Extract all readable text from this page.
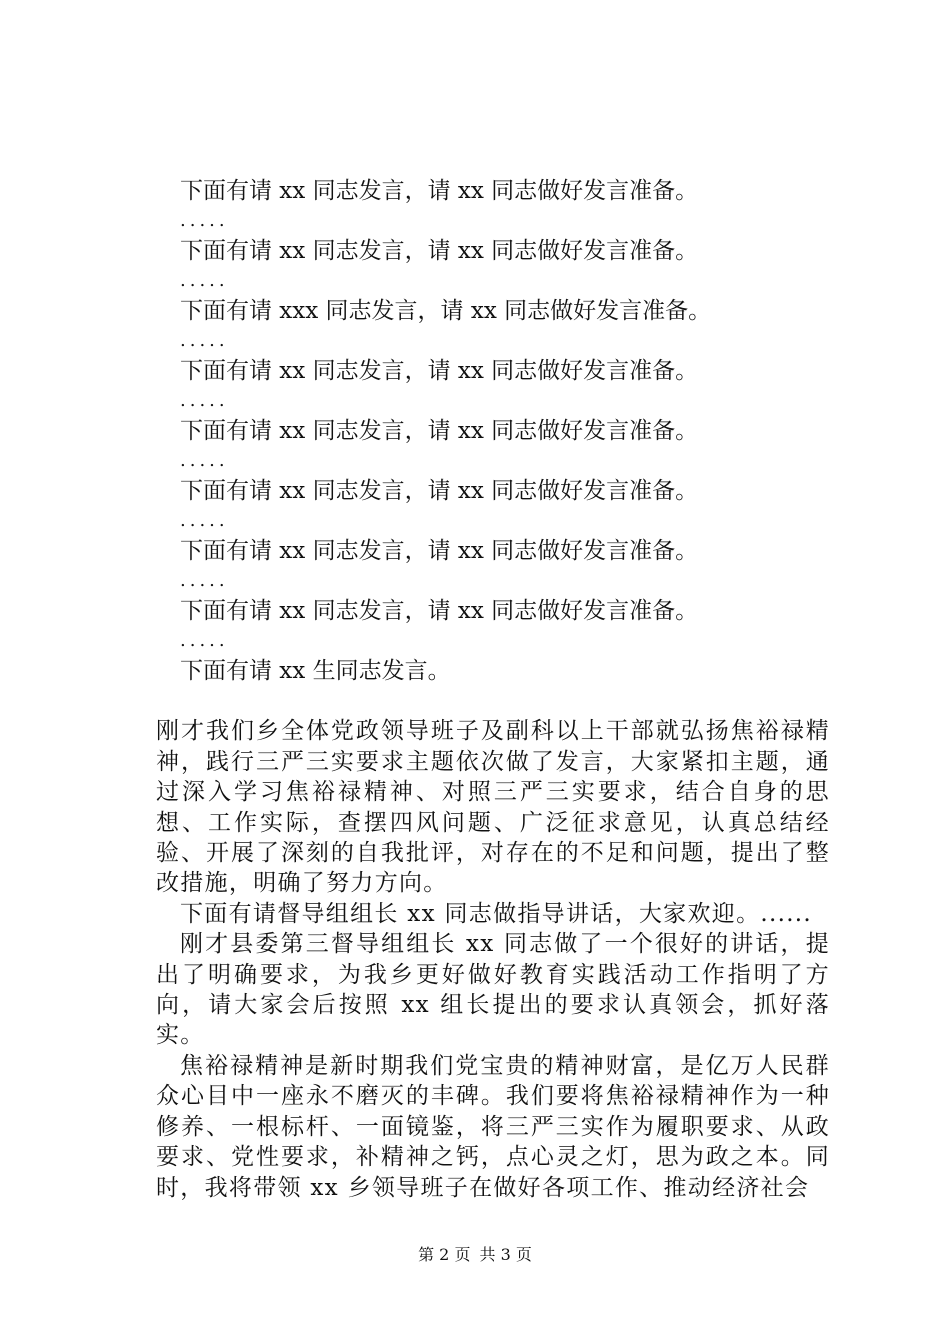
下面有请 xx 同志发言，请 xx 同志做好发言准备。
.....
下面有请 xx 同志发言，请 xx 同志做好发言准备。
.....
下面有请 xxx 同志发言，请 xx 同志做好发言准备。
.....
下面有请 xx 同志发言，请 xx 同志做好发言准备。
.....
下面有请 xx 同志发言，请 xx 同志做好发言准备。
.....
下面有请 xx 同志发言，请 xx 同志做好发言准备。
.....
下面有请 xx 同志发言，请 xx 同志做好发言准备。
.....
下面有请 xx 同志发言，请 xx 同志做好发言准备。
.....
下面有请 xx 生同志发言。
刚才我们乡全体党政领导班子及副科以上干部就弘扬焦裕禄精神，践行三严三实要求主题依次做了发言，大家紧扣主题，通过深入学习焦裕禄精神、对照三严三实要求，结合自身的思想、工作实际，查摆四风问题、广泛征求意见，认真总结经验、开展了深刻的自我批评，对存在的不足和问题，提出了整改措施，明确了努力方向。
下面有请督导组组长 xx 同志做指导讲话，大家欢迎。......
刚才县委第三督导组组长 xx 同志做了一个很好的讲话，提出了明确要求，为我乡更好做好教育实践活动工作指明了方向，请大家会后按照 xx 组长提出的要求认真领会，抓好落实。
焦裕禄精神是新时期我们党宝贵的精神财富，是亿万人民群众心目中一座永不磨灭的丰碑。我们要将焦裕禄精神作为一种修养、一根标杆、一面镜鉴，将三严三实作为履职要求、从政要求、党性要求，补精神之钙，点心灵之灯，思为政之本。同时，我将带领 xx 乡领导班子在做好各项工作、推动经济社会
第 2 页 共 3 页
